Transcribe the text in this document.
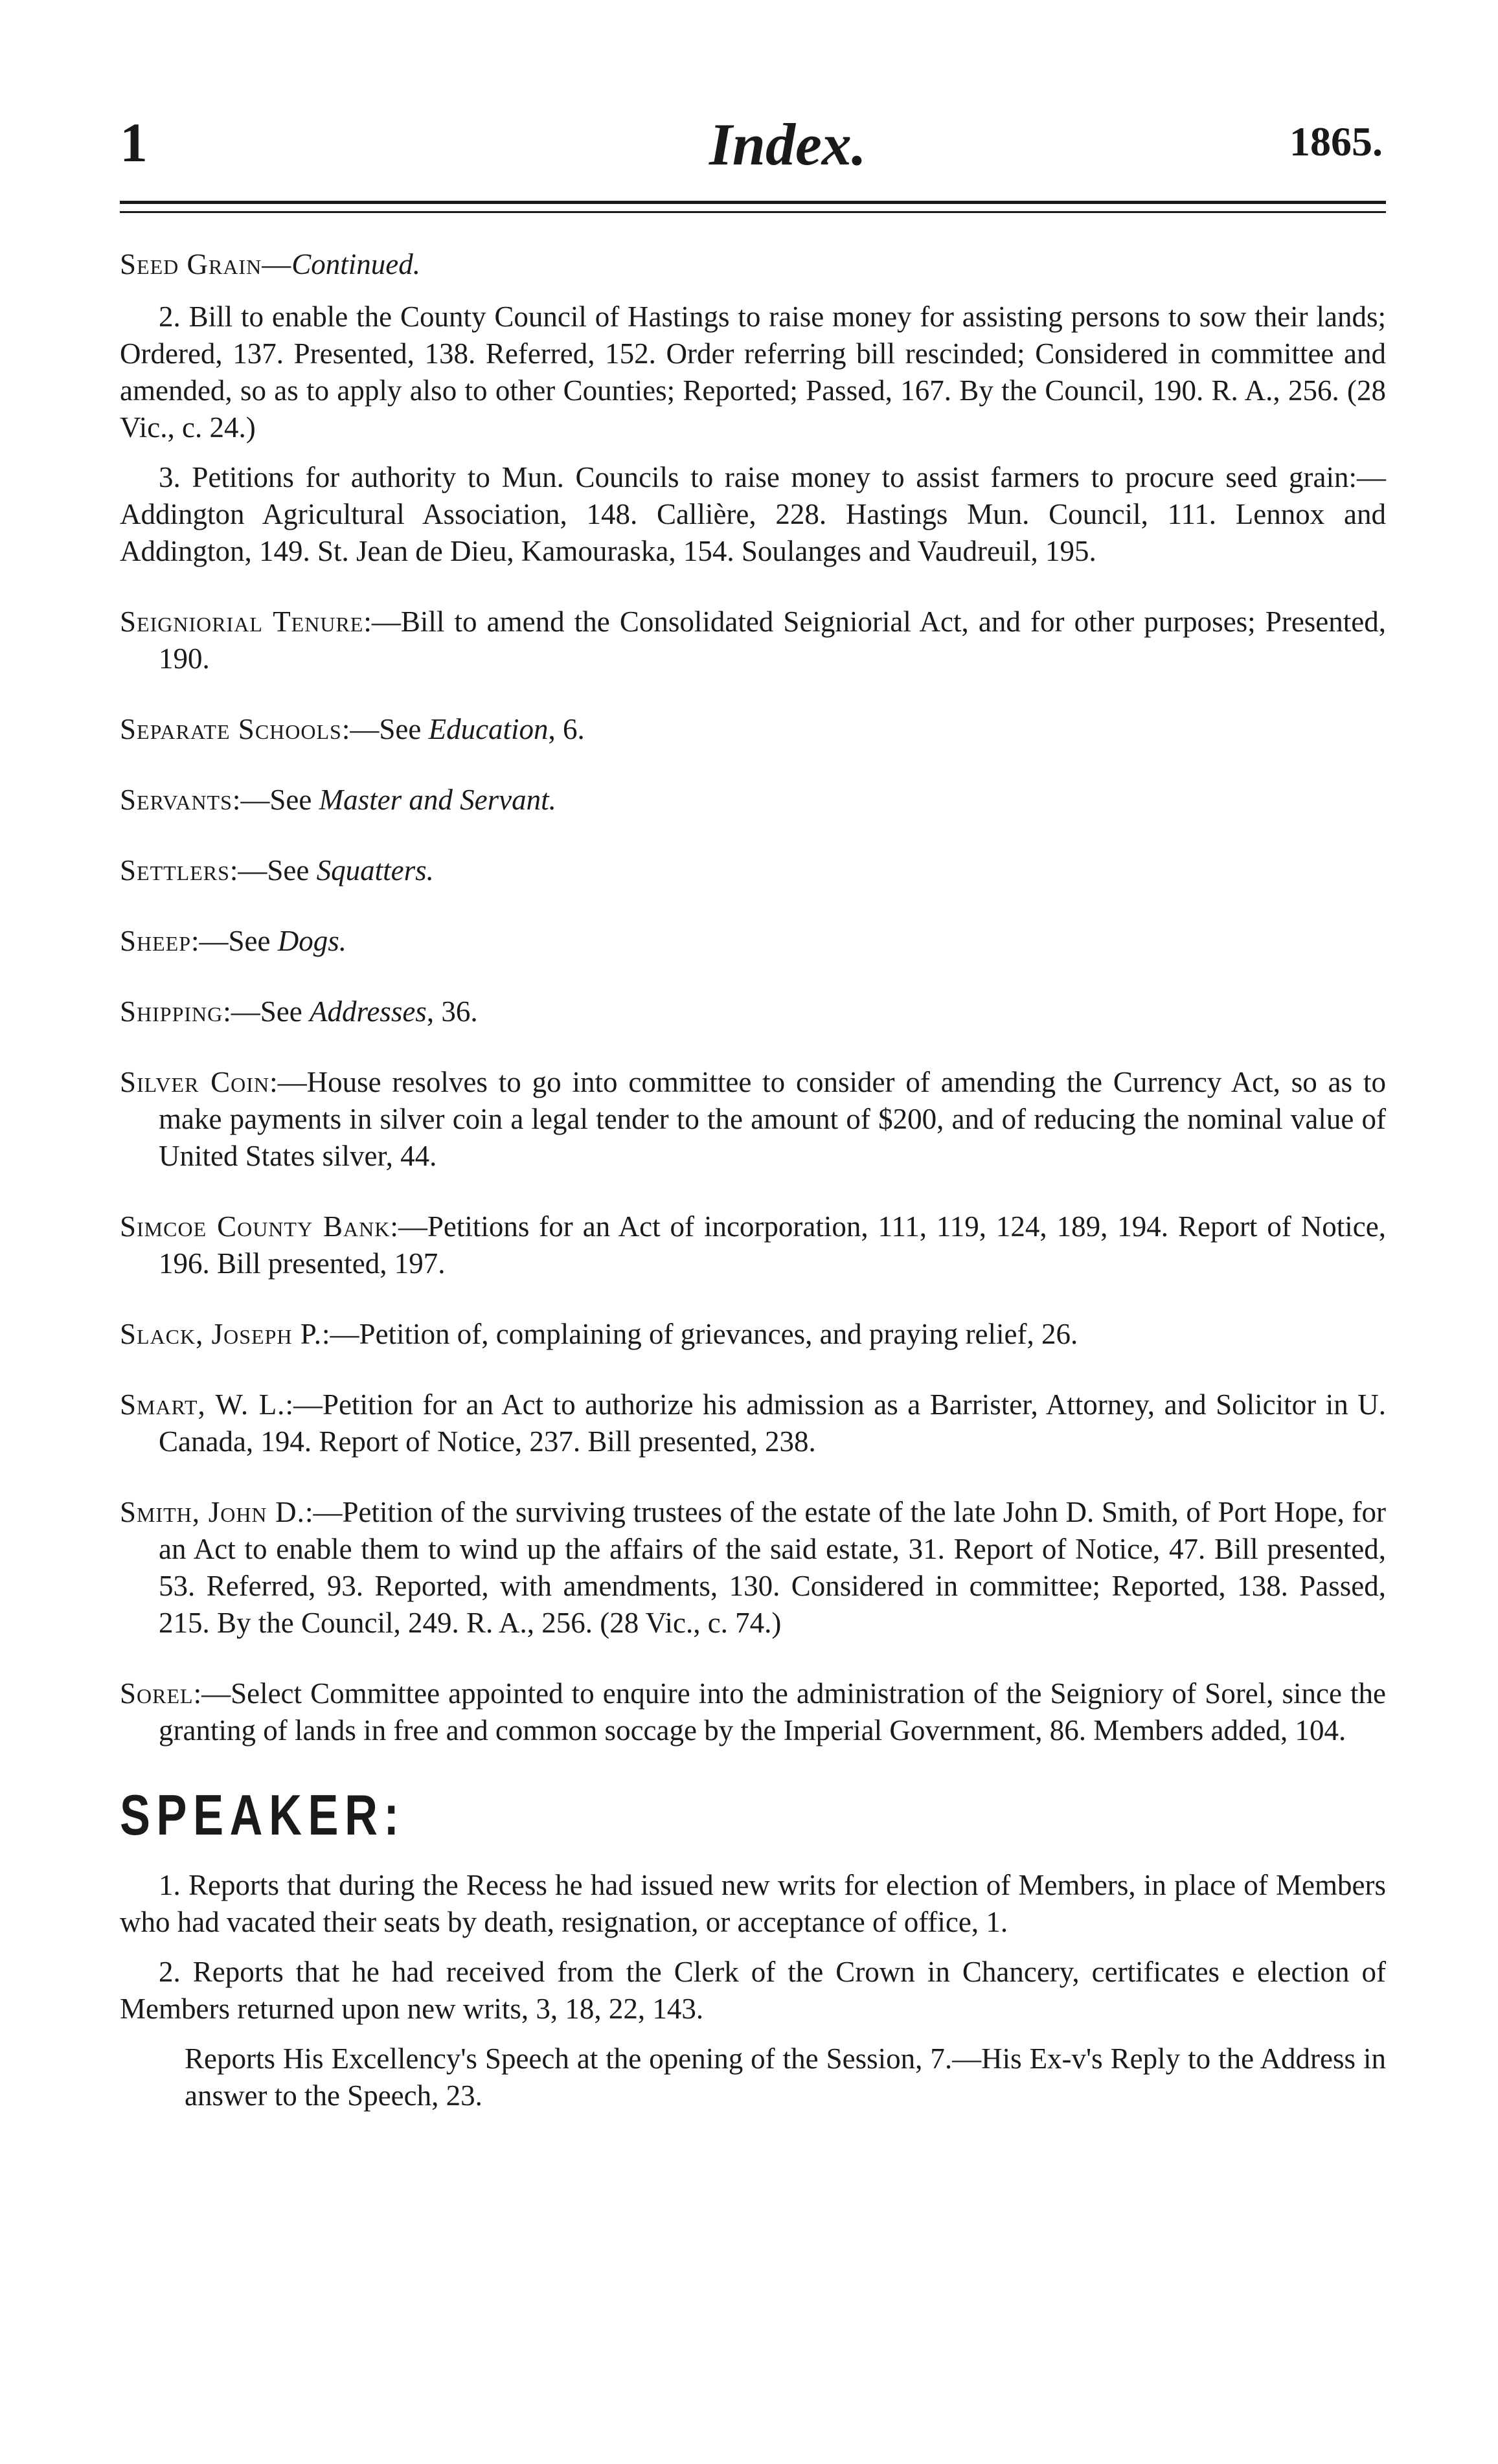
1	Index.	1865.

Seed Grain—Continued.

2. Bill to enable the County Council of Hastings to raise money for assisting persons to sow their lands; Ordered, 137. Presented, 138. Referred, 152. Order referring bill rescinded; Considered in committee and amended, so as to apply also to other Counties; Reported; Passed, 167. By the Council, 190. R. A., 256. (28 Vic., c. 24.)

3. Petitions for authority to Mun. Councils to raise money to assist farmers to procure seed grain:—Addington Agricultural Association, 148. Callière, 228. Hastings Mun. Council, 111. Lennox and Addington, 149. St. Jean de Dieu, Kamouraska, 154. Soulanges and Vaudreuil, 195.

Seigniorial Tenure:—Bill to amend the Consolidated Seigniorial Act, and for other purposes; Presented, 190.

Separate Schools:—See Education, 6.

Servants:—See Master and Servant.

Settlers:—See Squatters.

Sheep:—See Dogs.

Shipping:—See Addresses, 36.

Silver Coin:—House resolves to go into committee to consider of amending the Currency Act, so as to make payments in silver coin a legal tender to the amount of $200, and of reducing the nominal value of United States silver, 44.

Simcoe County Bank:—Petitions for an Act of incorporation, 111, 119, 124, 189, 194. Report of Notice, 196. Bill presented, 197.

Slack, Joseph P.:—Petition of, complaining of grievances, and praying relief, 26.

Smart, W. L.:—Petition for an Act to authorize his admission as a Barrister, Attorney, and Solicitor in U. Canada, 194. Report of Notice, 237. Bill presented, 238.

Smith, John D.:—Petition of the surviving trustees of the estate of the late John D. Smith, of Port Hope, for an Act to enable them to wind up the affairs of the said estate, 31. Report of Notice, 47. Bill presented, 53. Referred, 93. Reported, with amendments, 130. Considered in committee; Reported, 138. Passed, 215. By the Council, 249. R. A., 256. (28 Vic., c. 74.)

Sorel:—Select Committee appointed to enquire into the administration of the Seigniory of Sorel, since the granting of lands in free and common soccage by the Imperial Government, 86. Members added, 104.

SPEAKER:

1. Reports that during the Recess he had issued new writs for election of Members, in place of Members who had vacated their seats by death, resignation, or acceptance of office, 1.

2. Reports that he had received from the Clerk of the Crown in Chancery, certificates e election of Members returned upon new writs, 3, 18, 22, 143.

Reports His Excellency's Speech at the opening of the Session, 7.—His Ex-v's Reply to the Address in answer to the Speech, 23.
